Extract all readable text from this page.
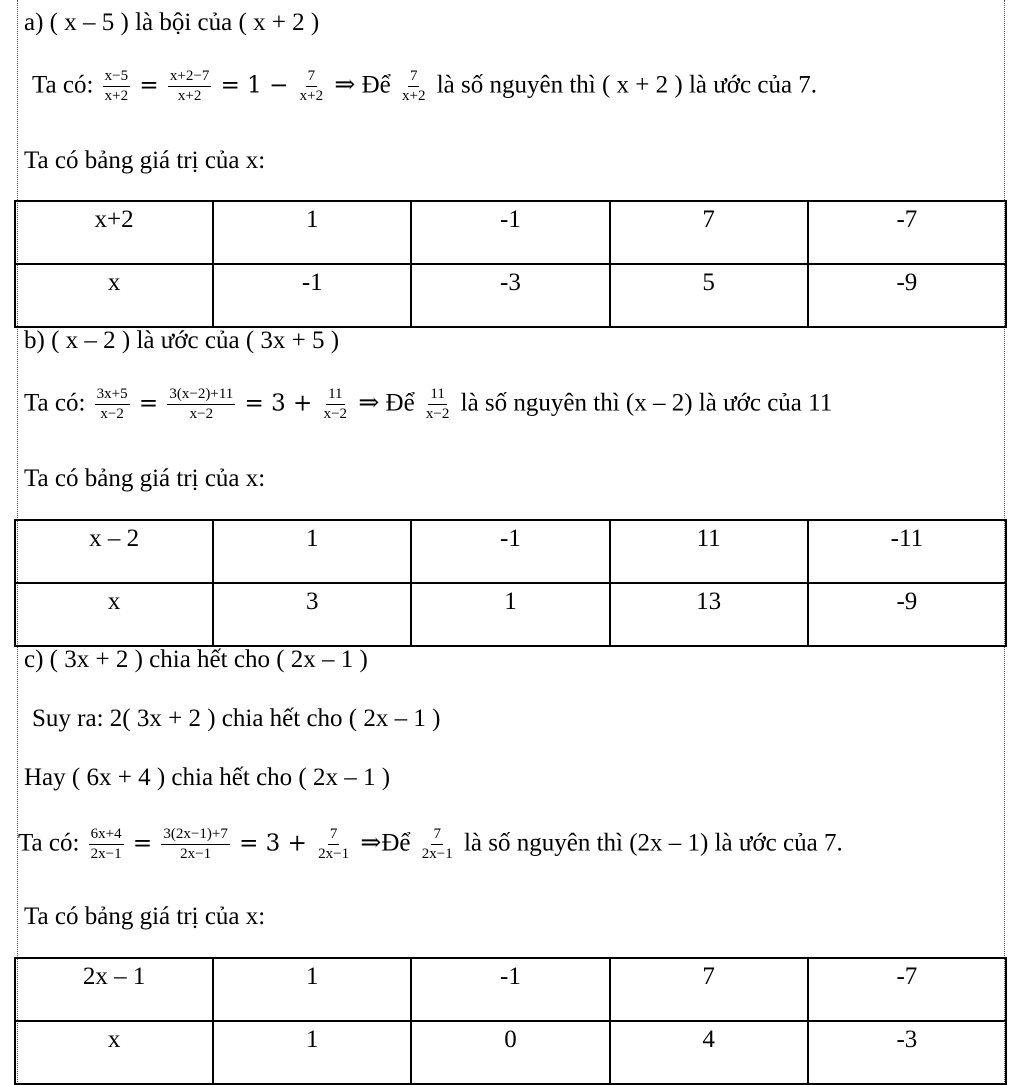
a) ( x – 5 ) là bội của ( x + 2 )
Ta có: $\frac{x-5}{x+2} = \frac{x+2-7}{x+2} = 1 - \frac{7}{x+2}$ ⇒ Để $\frac{7}{x+2}$ là số nguyên thì ( x + 2 ) là ước của 7.
Ta có bảng giá trị của x:
x+2	1	-1	7	-7
x	-1	-3	5	-9
b) ( x – 2 ) là ước của ( 3x + 5 )
Ta có: $\frac{3x+5}{x-2} = \frac{3(x-2)+11}{x-2} = 3 + \frac{11}{x-2}$ ⇒ Để $\frac{11}{x-2}$ là số nguyên thì (x – 2) là ước của 11
Ta có bảng giá trị của x:
x – 2	1	-1	11	-11
x	3	1	13	-9
c) ( 3x + 2 ) chia hết cho ( 2x – 1 )
Suy ra: 2( 3x + 2 ) chia hết cho ( 2x – 1 )
Hay ( 6x + 4 ) chia hết cho ( 2x – 1 )
Ta có: $\frac{6x+4}{2x-1} = \frac{3(2x-1)+7}{2x-1} = 3 + \frac{7}{2x-1}$ ⇒Để $\frac{7}{2x-1}$ là số nguyên thì (2x – 1) là ước của 7.
Ta có bảng giá trị của x:
2x – 1	1	-1	7	-7
x	1	0	4	-3
